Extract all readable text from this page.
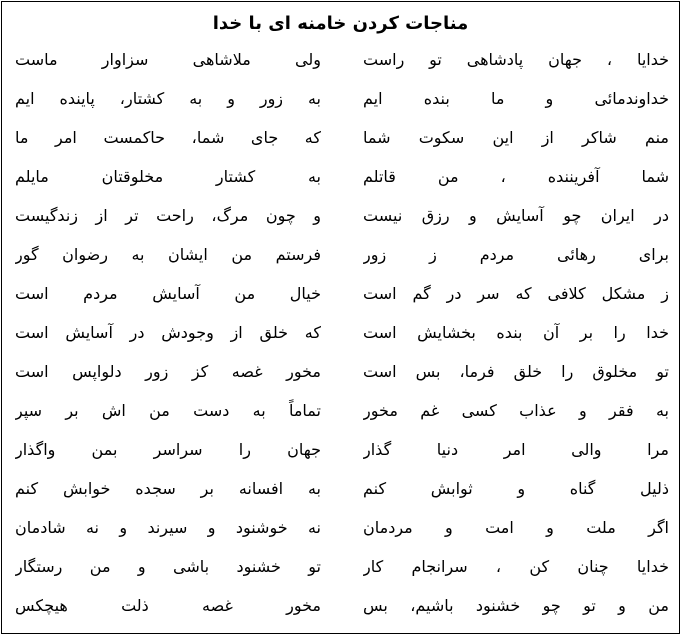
مناجات کردن خامنه ای با خدا
خدایا ، جهان پادشاهی تو راست
ولی ملاشاهی سزاوار ماست
خداوندمائی و ما بنده ایم
به زور و به کشتار، پاینده ایم
منم شاکر از این سکوت شما
که جای شما، حاکمست امر ما
شما آفریننده ، من قاتلم
به کشتار مخلوقتان مایلم
در ایران چو آسایش و رزق نیست
و چون مرگ، راحت تر از زندگیست
برای رهائی مردم ز زور
فرستم من ایشان به رضوان گور
ز مشکل کلافی که سر در گم است
خیال من آسایش مردم است
خدا را بر آن بنده بخشایش است
که خلق از وجودش در آسایش است
تو مخلوق را خلق فرما، بس است
مخور غصه کز زور دلواپس است
به فقر و عذاب کسی غم مخور
تماماً به دست من اش بر سپر
مرا والی امر دنیا گذار
جهان را سراسر بمن واگذار
ذلیل گناه و ثوابش کنم
به افسانه بر سجده خوابش کنم
اگر ملت و امت و مردمان
نه خوشنود و سیرند و نه شادمان
خدایا چنان کن ، سرانجام کار
تو خشنود باشی و من رستگار
من و تو چو خشنود باشیم، بس
مخور غصه ذلت هیچکس
